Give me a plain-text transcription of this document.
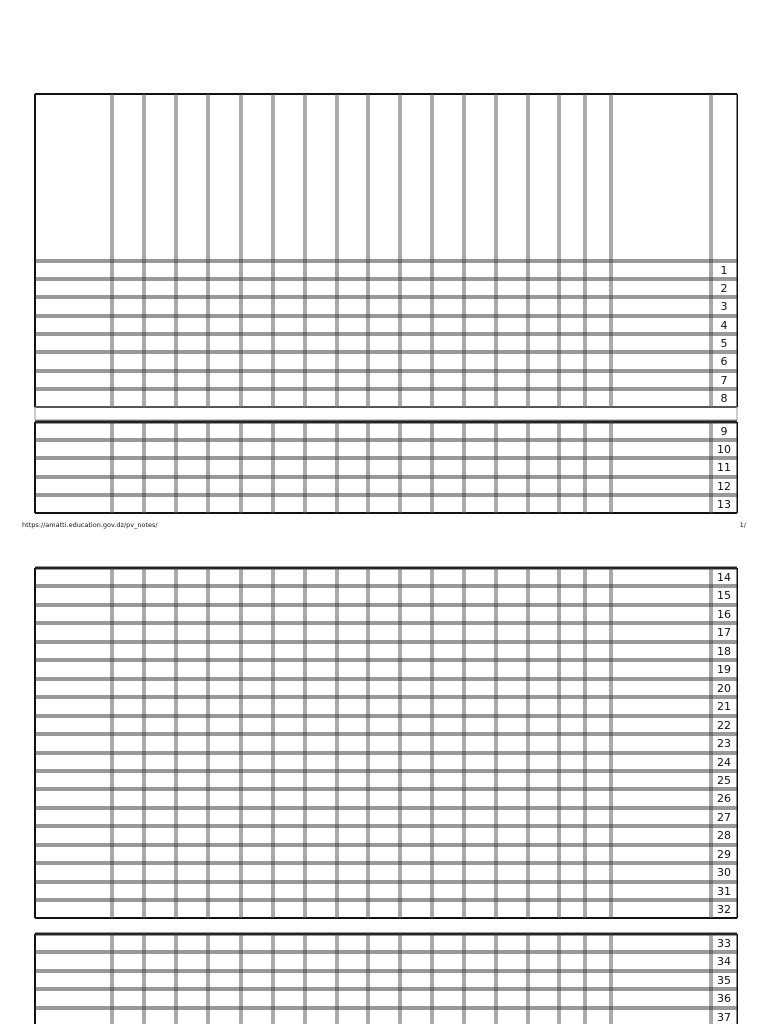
1
2
3
4
5
6
7
8
9
10
11
12
13
https://amatti.education.gov.dz/pv_notes/	1/
14
15
16
17
18
19
20
21
22
23
24
25
26
27
28
29
30
31
32
33
34
35
36
37
